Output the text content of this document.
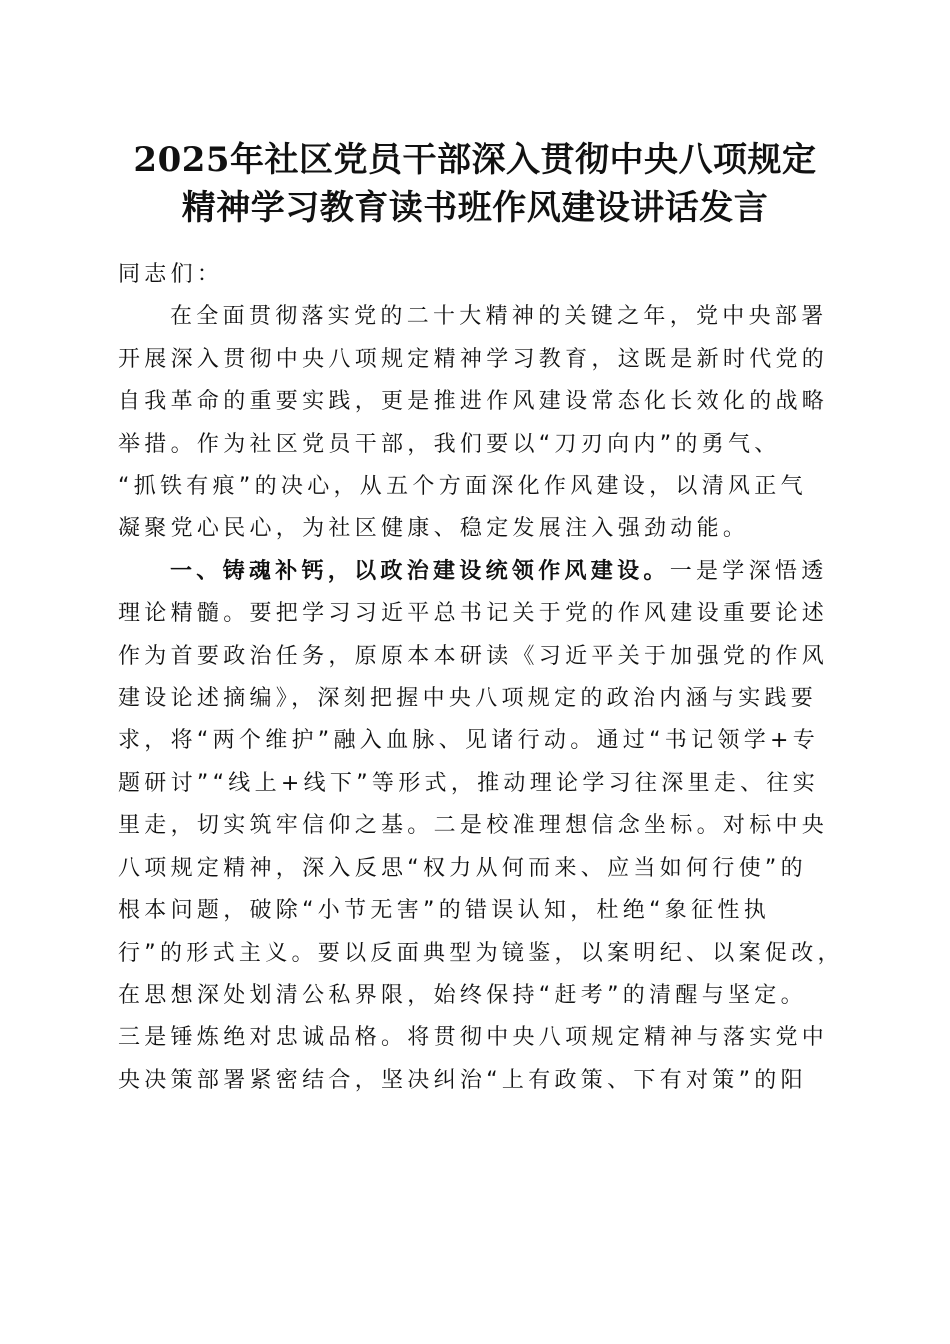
2025年社区党员干部深入贯彻中央八项规定
精神学习教育读书班作风建设讲话发言

同志们：

在全面贯彻落实党的二十大精神的关键之年，党中央部署
开展深入贯彻中央八项规定精神学习教育，这既是新时代党的
自我革命的重要实践，更是推进作风建设常态化长效化的战略
举措。作为社区党员干部，我们要以“刀刃向内”的勇气、
“抓铁有痕”的决心，从五个方面深化作风建设，以清风正气
凝聚党心民心，为社区健康、稳定发展注入强劲动能。
一、铸魂补钙，以政治建设统领作风建设。一是学深悟透
理论精髓。要把学习习近平总书记关于党的作风建设重要论述
作为首要政治任务，原原本本研读《习近平关于加强党的作风
建设论述摘编》，深刻把握中央八项规定的政治内涵与实践要
求，将“两个维护”融入血脉、见诸行动。通过“书记领学+专
题研讨”“线上+线下”等形式，推动理论学习往深里走、往实
里走，切实筑牢信仰之基。二是校准理想信念坐标。对标中央
八项规定精神，深入反思“权力从何而来、应当如何行使”的
根本问题，破除“小节无害”的错误认知，杜绝“象征性执
行”的形式主义。要以反面典型为镜鉴，以案明纪、以案促改，
在思想深处划清公私界限，始终保持“赶考”的清醒与坚定。
三是锤炼绝对忠诚品格。将贯彻中央八项规定精神与落实党中
央决策部署紧密结合，坚决纠治“上有政策、下有对策”的阳
